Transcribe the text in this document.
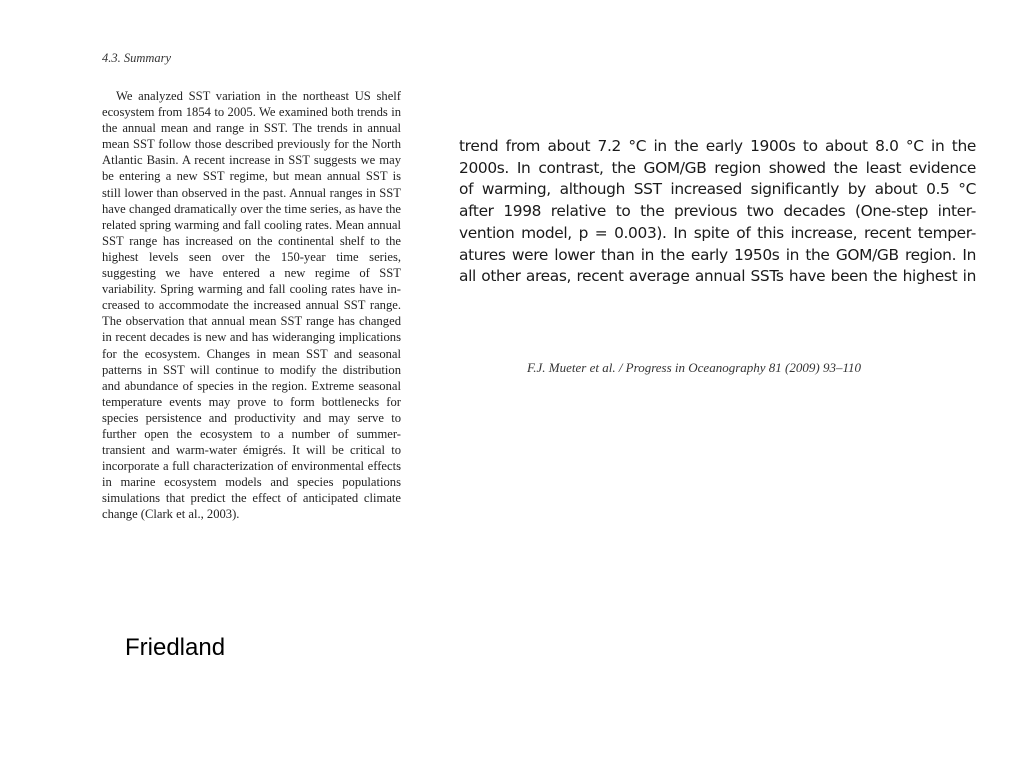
4.3. Summary

We analyzed SST variation in the northeast US shelf ecosystem from 1854 to 2005. We examined both trends in the annual mean and range in SST. The trends in annual mean SST follow those described previously for the North Atlantic Basin. A recent increase in SST suggests we may be entering a new SST regime, but mean annual SST is still lower than observed in the past. Annual ranges in SST have changed dramatically over the time series, as have the related spring warming and fall cooling rates. Mean annual SST range has increased on the continental shelf to the highest levels seen over the 150-year time series, suggesting we have entered a new regime of SST variability. Spring warming and fall cooling rates have increased to accommodate the increased annual SST range. The observation that annual mean SST range has changed in recent decades is new and has wideranging implications for the ecosystem. Changes in mean SST and seasonal patterns in SST will continue to modify the distribution and abundance of species in the region. Extreme seasonal temperature events may prove to form bottlenecks for species persistence and productivity and may serve to further open the ecosystem to a number of summer-transient and warm-water émigrés. It will be critical to incorporate a full characterization of environmental effects in marine ecosystem models and species populations simulations that predict the effect of anticipated climate change (Clark et al., 2003).

trend from about 7.2 °C in the early 1900s to about 8.0 °C in the
2000s. In contrast, the GOM/GB region showed the least evidence
of warming, although SST increased significantly by about 0.5 °C
after 1998 relative to the previous two decades (One-step inter-
vention model, p = 0.003). In spite of this increase, recent temper-
atures were lower than in the early 1950s in the GOM/GB region. In
all other areas, recent average annual SSTs have been the highest in

F.J. Mueter et al. / Progress in Oceanography 81 (2009) 93–110
Friedland
